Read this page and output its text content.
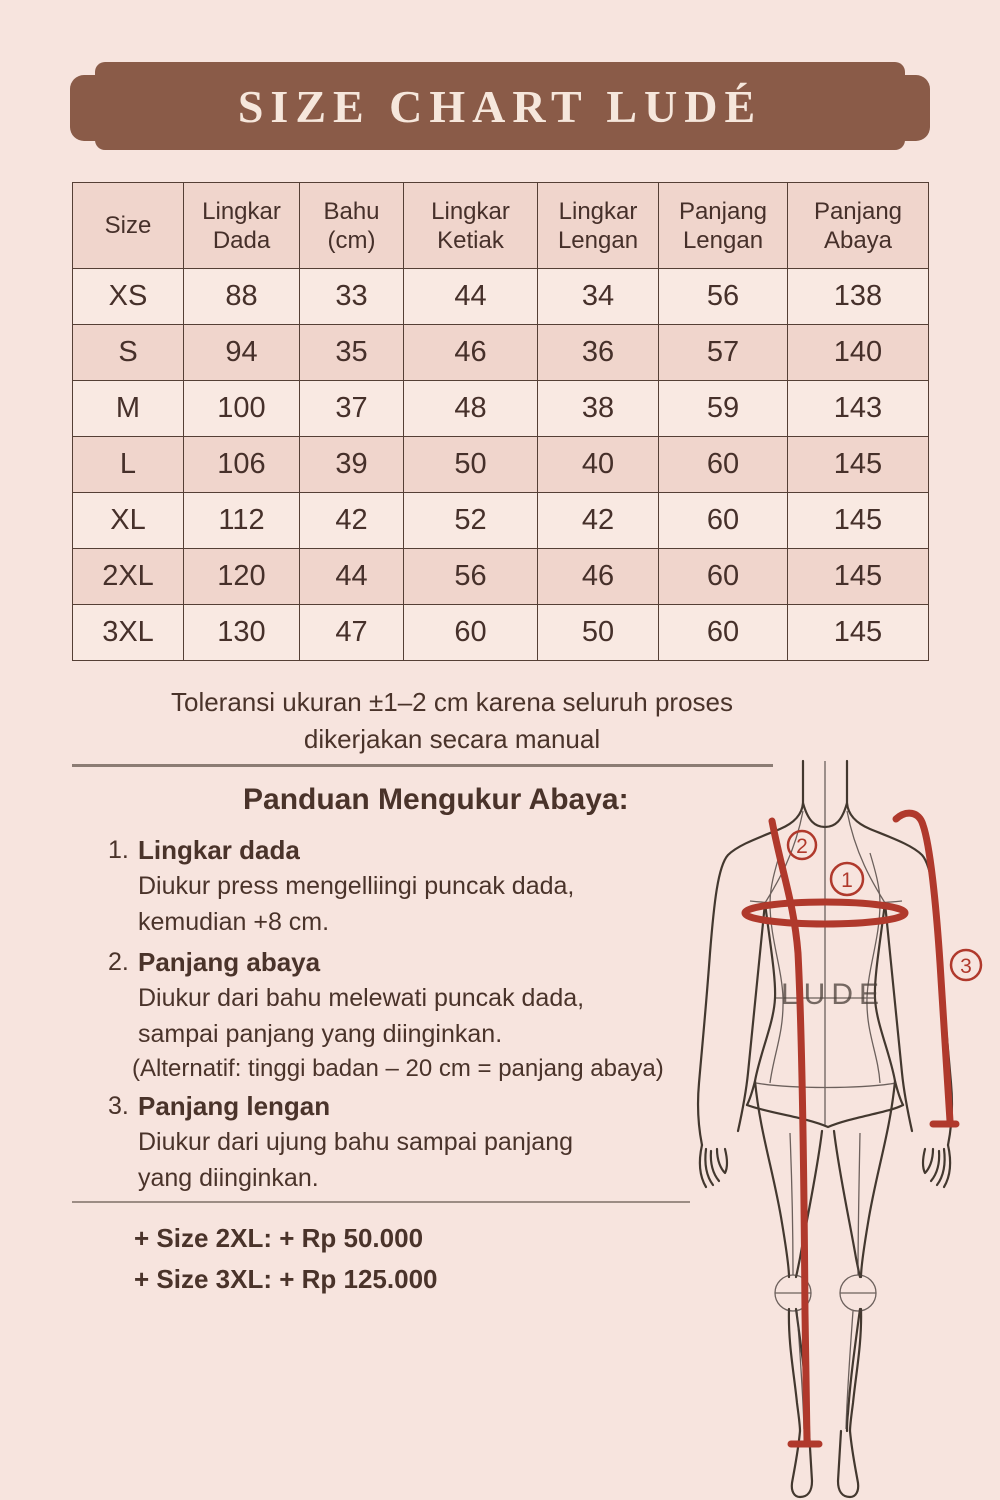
SIZE CHART LUDÉ
Size	Lingkar Dada	Bahu (cm)	Lingkar Ketiak	Lingkar Lengan	Panjang Lengan	Panjang Abaya
XS	88	33	44	34	56	138
S	94	35	46	36	57	140
M	100	37	48	38	59	143
L	106	39	50	40	60	145
XL	112	42	52	42	60	145
2XL	120	44	56	46	60	145
3XL	130	47	60	50	60	145
Toleransi ukuran ±1–2 cm karena seluruh proses
dikerjakan secara manual
Panduan Mengukur Abaya:
1. Lingkar dada
Diukur press mengelliingi puncak dada,
kemudian +8 cm.
2. Panjang abaya
Diukur dari bahu melewati puncak dada,
sampai panjang yang diinginkan.
(Alternatif: tinggi badan – 20 cm = panjang abaya)
3. Panjang lengan
Diukur dari ujung bahu sampai panjang
yang diinginkan.
+ Size 2XL: + Rp 50.000
+ Size 3XL: + Rp 125.000
LUDE
1
2
3
